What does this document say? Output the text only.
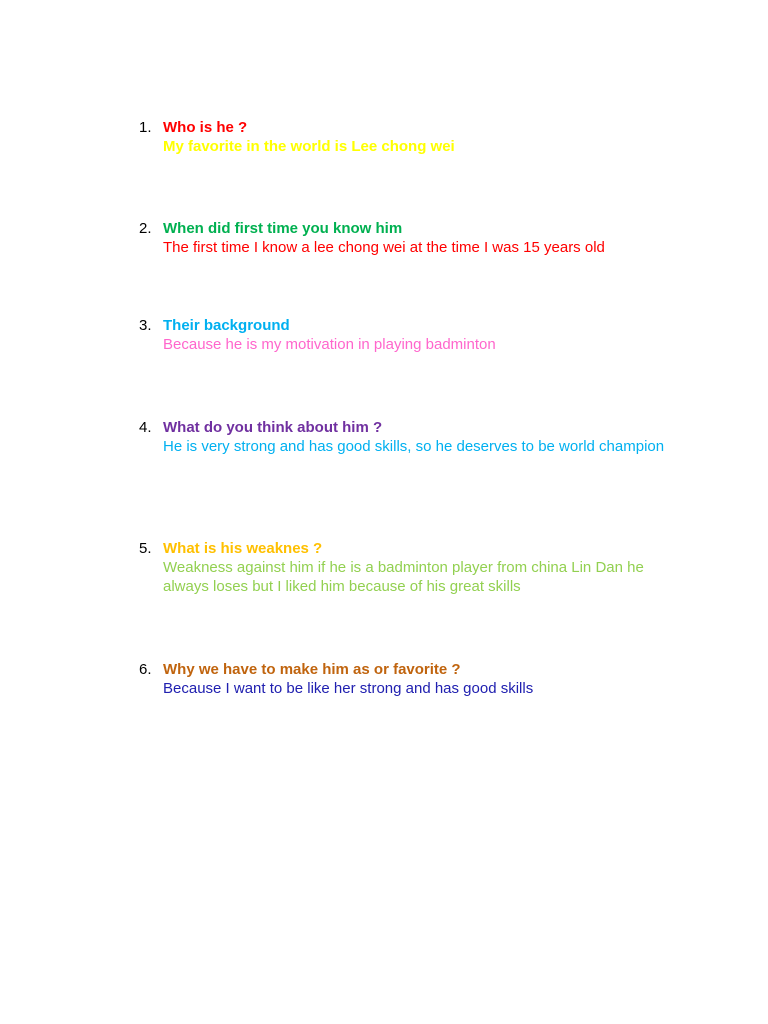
1. Who is he ?
My favorite in the world is Lee chong wei
2. When did first time you know him
The first time I know a lee chong wei at the time I was 15 years old
3. Their background
Because he is my motivation in playing badminton
4. What do you think about him ?
He is very strong and has good skills, so he deserves to be world champion
5. What is his weaknes ?
Weakness against him if he is a badminton player from china Lin Dan he always loses but I liked him because of his great skills
6. Why we have to make him as or favorite ?
Because I want to be like her strong and has good skills
